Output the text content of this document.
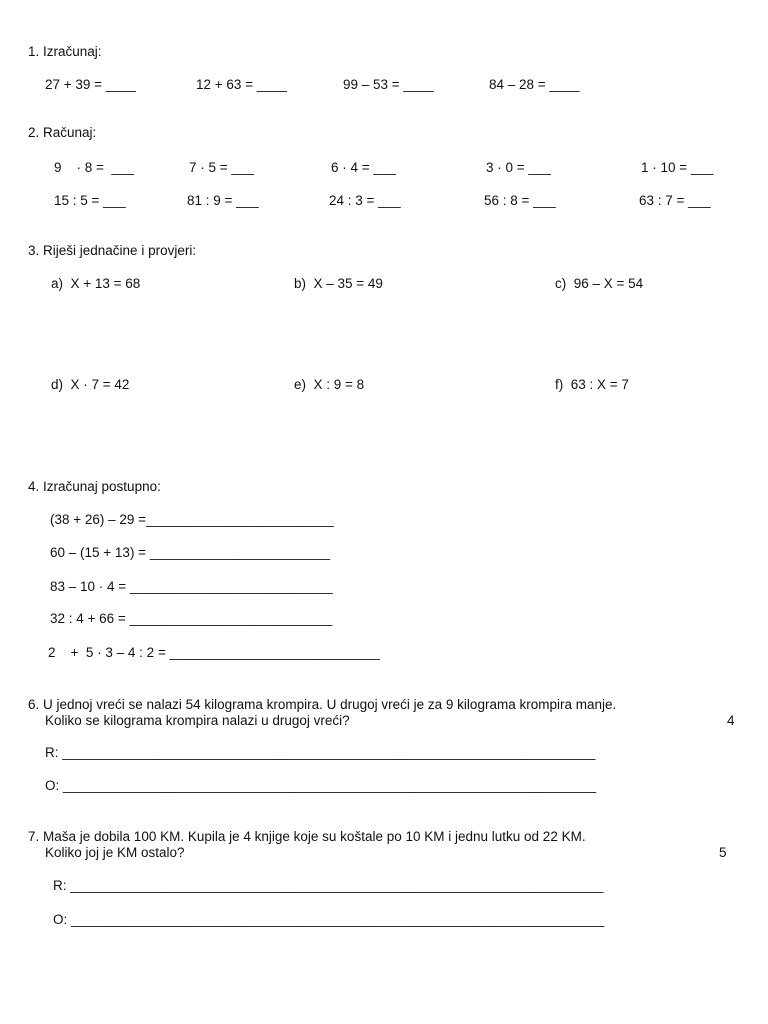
1. Izračunaj:
27 + 39 = ____	12 + 63 = ____	99 – 53 = ____	84 – 28 = ____
2. Računaj:
9    · 8 =  ___	7 · 5 = ___	6 · 4 = ___	3 · 0 = ___	1 · 10 = ___
15 : 5 = ___	81 : 9 = ___	24 : 3 = ___	56 : 8 = ___	63 : 7 = ___
3. Riješi jednačine i provjeri:
a)  X + 13 = 68	b)  X – 35 = 49	c)  96 – X = 54
d)  X · 7 = 42	e)  X : 9 = 8	f)  63 : X = 7
4. Izračunaj postupno:
(38 + 26) – 29 =_________________________
60 – (15 + 13) = ________________________
83 – 10 · 4 = ___________________________
32 : 4 + 66 = ___________________________
2    +  5 · 3 – 4 : 2 = ____________________________
6. U jednoj vreći se nalazi 54 kilograma krompira. U drugoj vreći je za 9 kilograma krompira manje.
Koliko se kilograma krompira nalazi u drugoj vreći?	4
R: _______________________________________________________________________
O: _______________________________________________________________________
7. Maša je dobila 100 KM. Kupila je 4 knjige koje su koštale po 10 KM i jednu lutku od 22 KM.
Koliko joj je KM ostalo?	5
R: _______________________________________________________________________
O: _______________________________________________________________________
